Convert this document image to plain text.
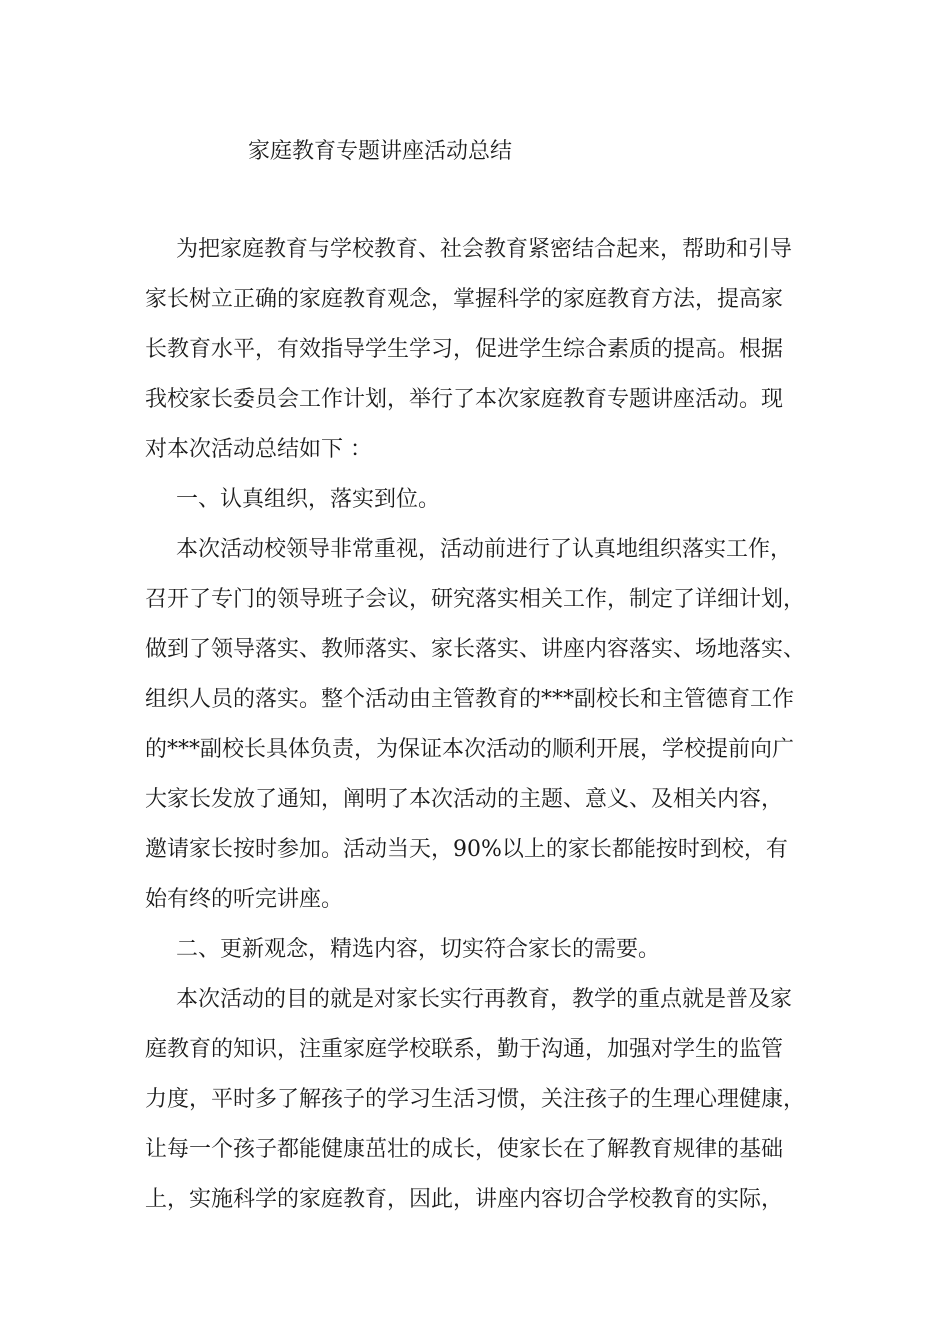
家庭教育专题讲座活动总结
为把家庭教育与学校教育、社会教育紧密结合起来，帮助和引导
家长树立正确的家庭教育观念，掌握科学的家庭教育方法，提高家
长教育水平，有效指导学生学习，促进学生综合素质的提高。根据
我校家长委员会工作计划，举行了本次家庭教育专题讲座活动。现
对本次活动总结如下 ：
一、认真组织，落实到位。
本次活动校领导非常重视，活动前进行了认真地组织落实工作，
召开了专门的领导班子会议，研究落实相关工作，制定了详细计划，
做到了领导落实、教师落实、家长落实、讲座内容落实、场地落实、
组织人员的落实。整个活动由主管教育的***副校长和主管德育工作
的***副校长具体负责，为保证本次活动的顺利开展，学校提前向广
大家长发放了通知，阐明了本次活动的主题、意义、及相关内容，
邀请家长按时参加。活动当天，90%以上的家长都能按时到校，有
始有终的听完讲座。
二、更新观念，精选内容，切实符合家长的需要。
本次活动的目的就是对家长实行再教育，教学的重点就是普及家
庭教育的知识，注重家庭学校联系，勤于沟通，加强对学生的监管
力度，平时多了解孩子的学习生活习惯，关注孩子的生理心理健康，
让每一个孩子都能健康茁壮的成长，使家长在了解教育规律的基础
上，实施科学的家庭教育，因此，讲座内容切合学校教育的实际，
